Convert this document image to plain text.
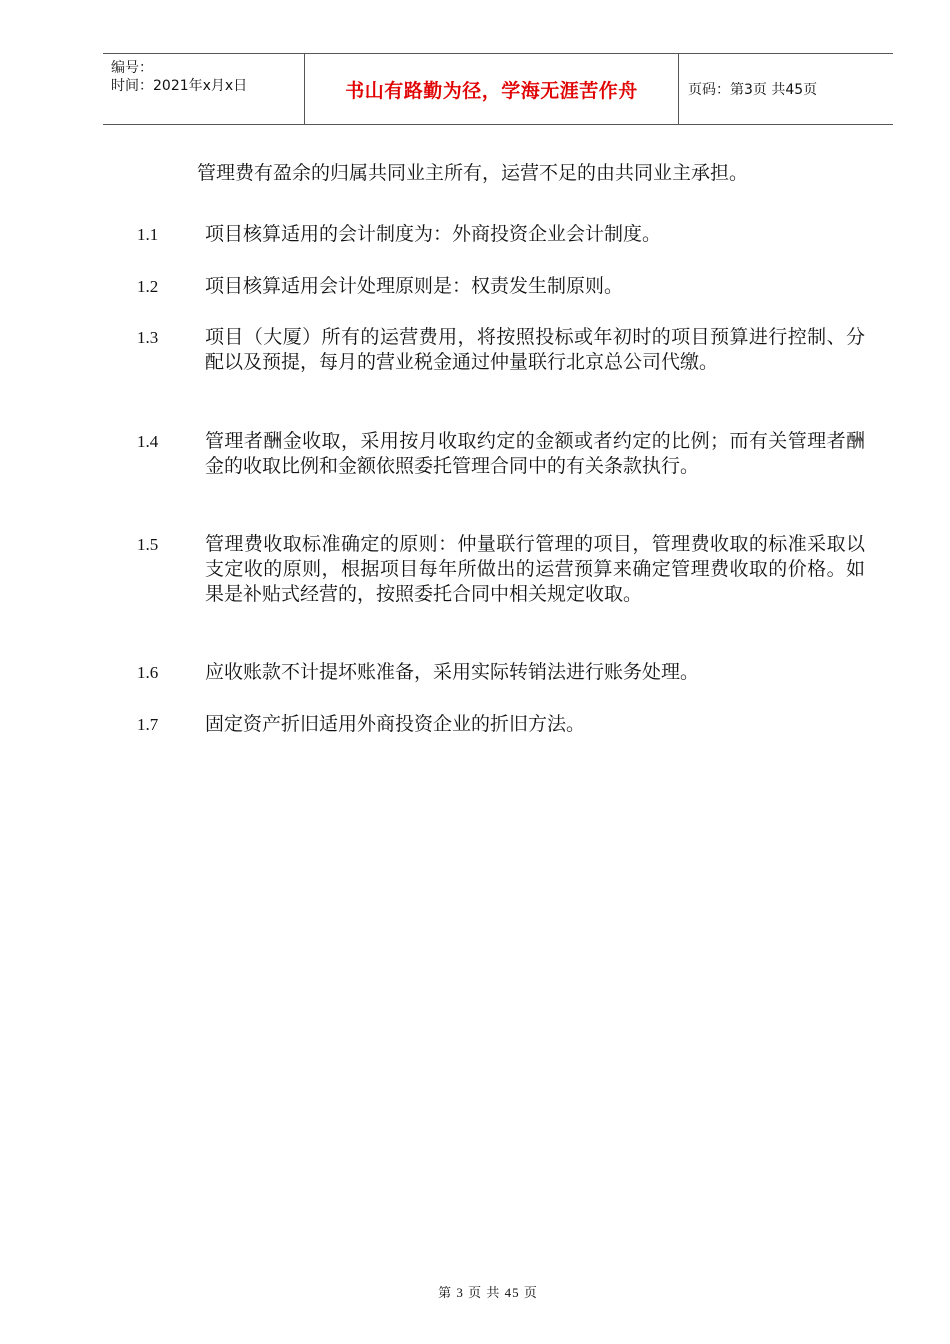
编号：
时间：2021年x月x日	书山有路勤为径，学海无涯苦作舟	页码：第3页 共45页
管理费有盈余的归属共同业主所有，运营不足的由共同业主承担。
1.1 项目核算适用的会计制度为：外商投资企业会计制度。
1.2 项目核算适用会计处理原则是：权责发生制原则。
1.3 项目（大厦）所有的运营费用，将按照投标或年初时的项目预算进行控制、分配以及预提，每月的营业税金通过仲量联行北京总公司代缴。
1.4 管理者酬金收取，采用按月收取约定的金额或者约定的比例；而有关管理者酬金的收取比例和金额依照委托管理合同中的有关条款执行。
1.5 管理费收取标准确定的原则：仲量联行管理的项目，管理费收取的标准采取以支定收的原则，根据项目每年所做出的运营预算来确定管理费收取的价格。如果是补贴式经营的，按照委托合同中相关规定收取。
1.6 应收账款不计提坏账准备，采用实际转销法进行账务处理。
1.7 固定资产折旧适用外商投资企业的折旧方法。
第 3 页 共 45 页
